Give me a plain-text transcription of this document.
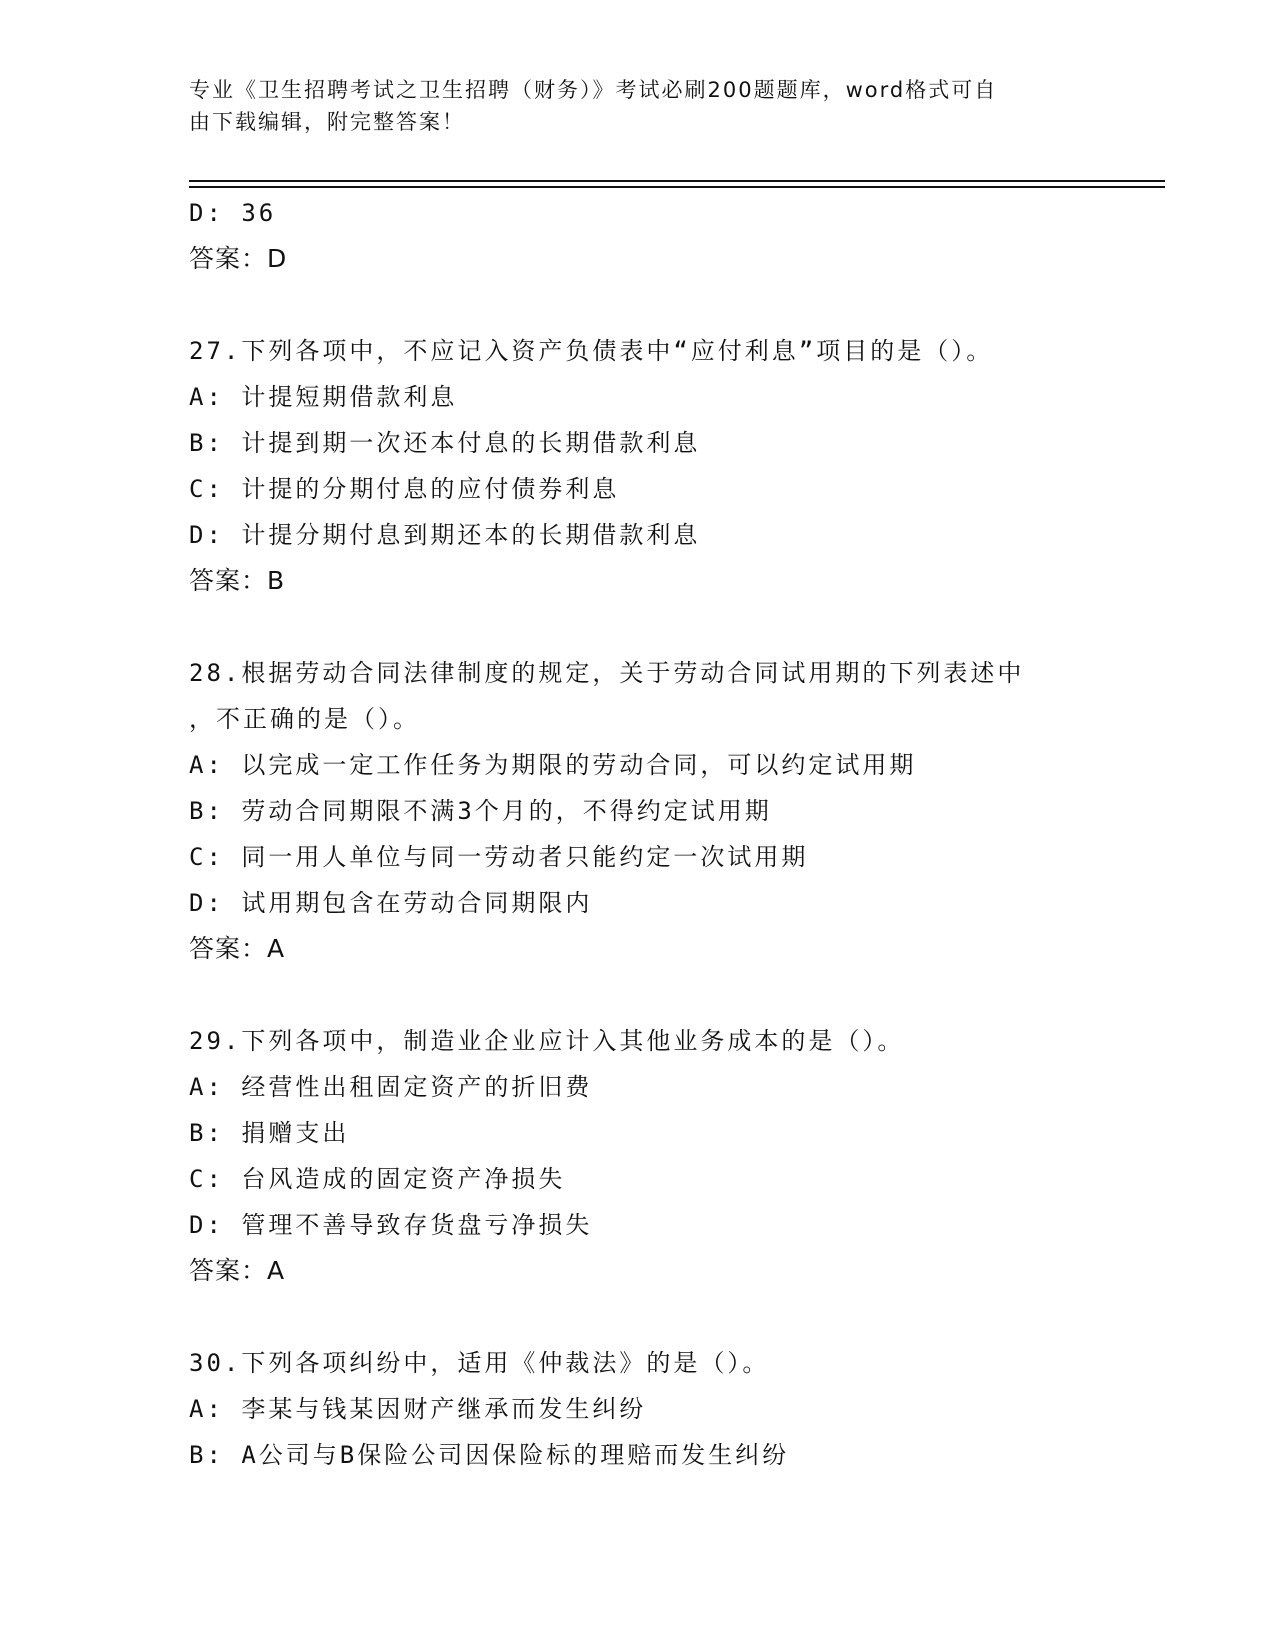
专业《卫生招聘考试之卫生招聘（财务）》考试必刷200题题库，word格式可自
由下载编辑，附完整答案！
D: 36
答案：D
27.下列各项中，不应记入资产负债表中“应付利息”项目的是（）。
A: 计提短期借款利息
B: 计提到期一次还本付息的长期借款利息
C: 计提的分期付息的应付债券利息
D: 计提分期付息到期还本的长期借款利息
答案：B
28.根据劳动合同法律制度的规定，关于劳动合同试用期的下列表述中
，不正确的是（）。
A: 以完成一定工作任务为期限的劳动合同，可以约定试用期
B: 劳动合同期限不满3个月的，不得约定试用期
C: 同一用人单位与同一劳动者只能约定一次试用期
D: 试用期包含在劳动合同期限内
答案：A
29.下列各项中，制造业企业应计入其他业务成本的是（）。
A: 经营性出租固定资产的折旧费
B: 捐赠支出
C: 台风造成的固定资产净损失
D: 管理不善导致存货盘亏净损失
答案：A
30.下列各项纠纷中，适用《仲裁法》的是（）。
A: 李某与钱某因财产继承而发生纠纷
B: A公司与B保险公司因保险标的理赔而发生纠纷
